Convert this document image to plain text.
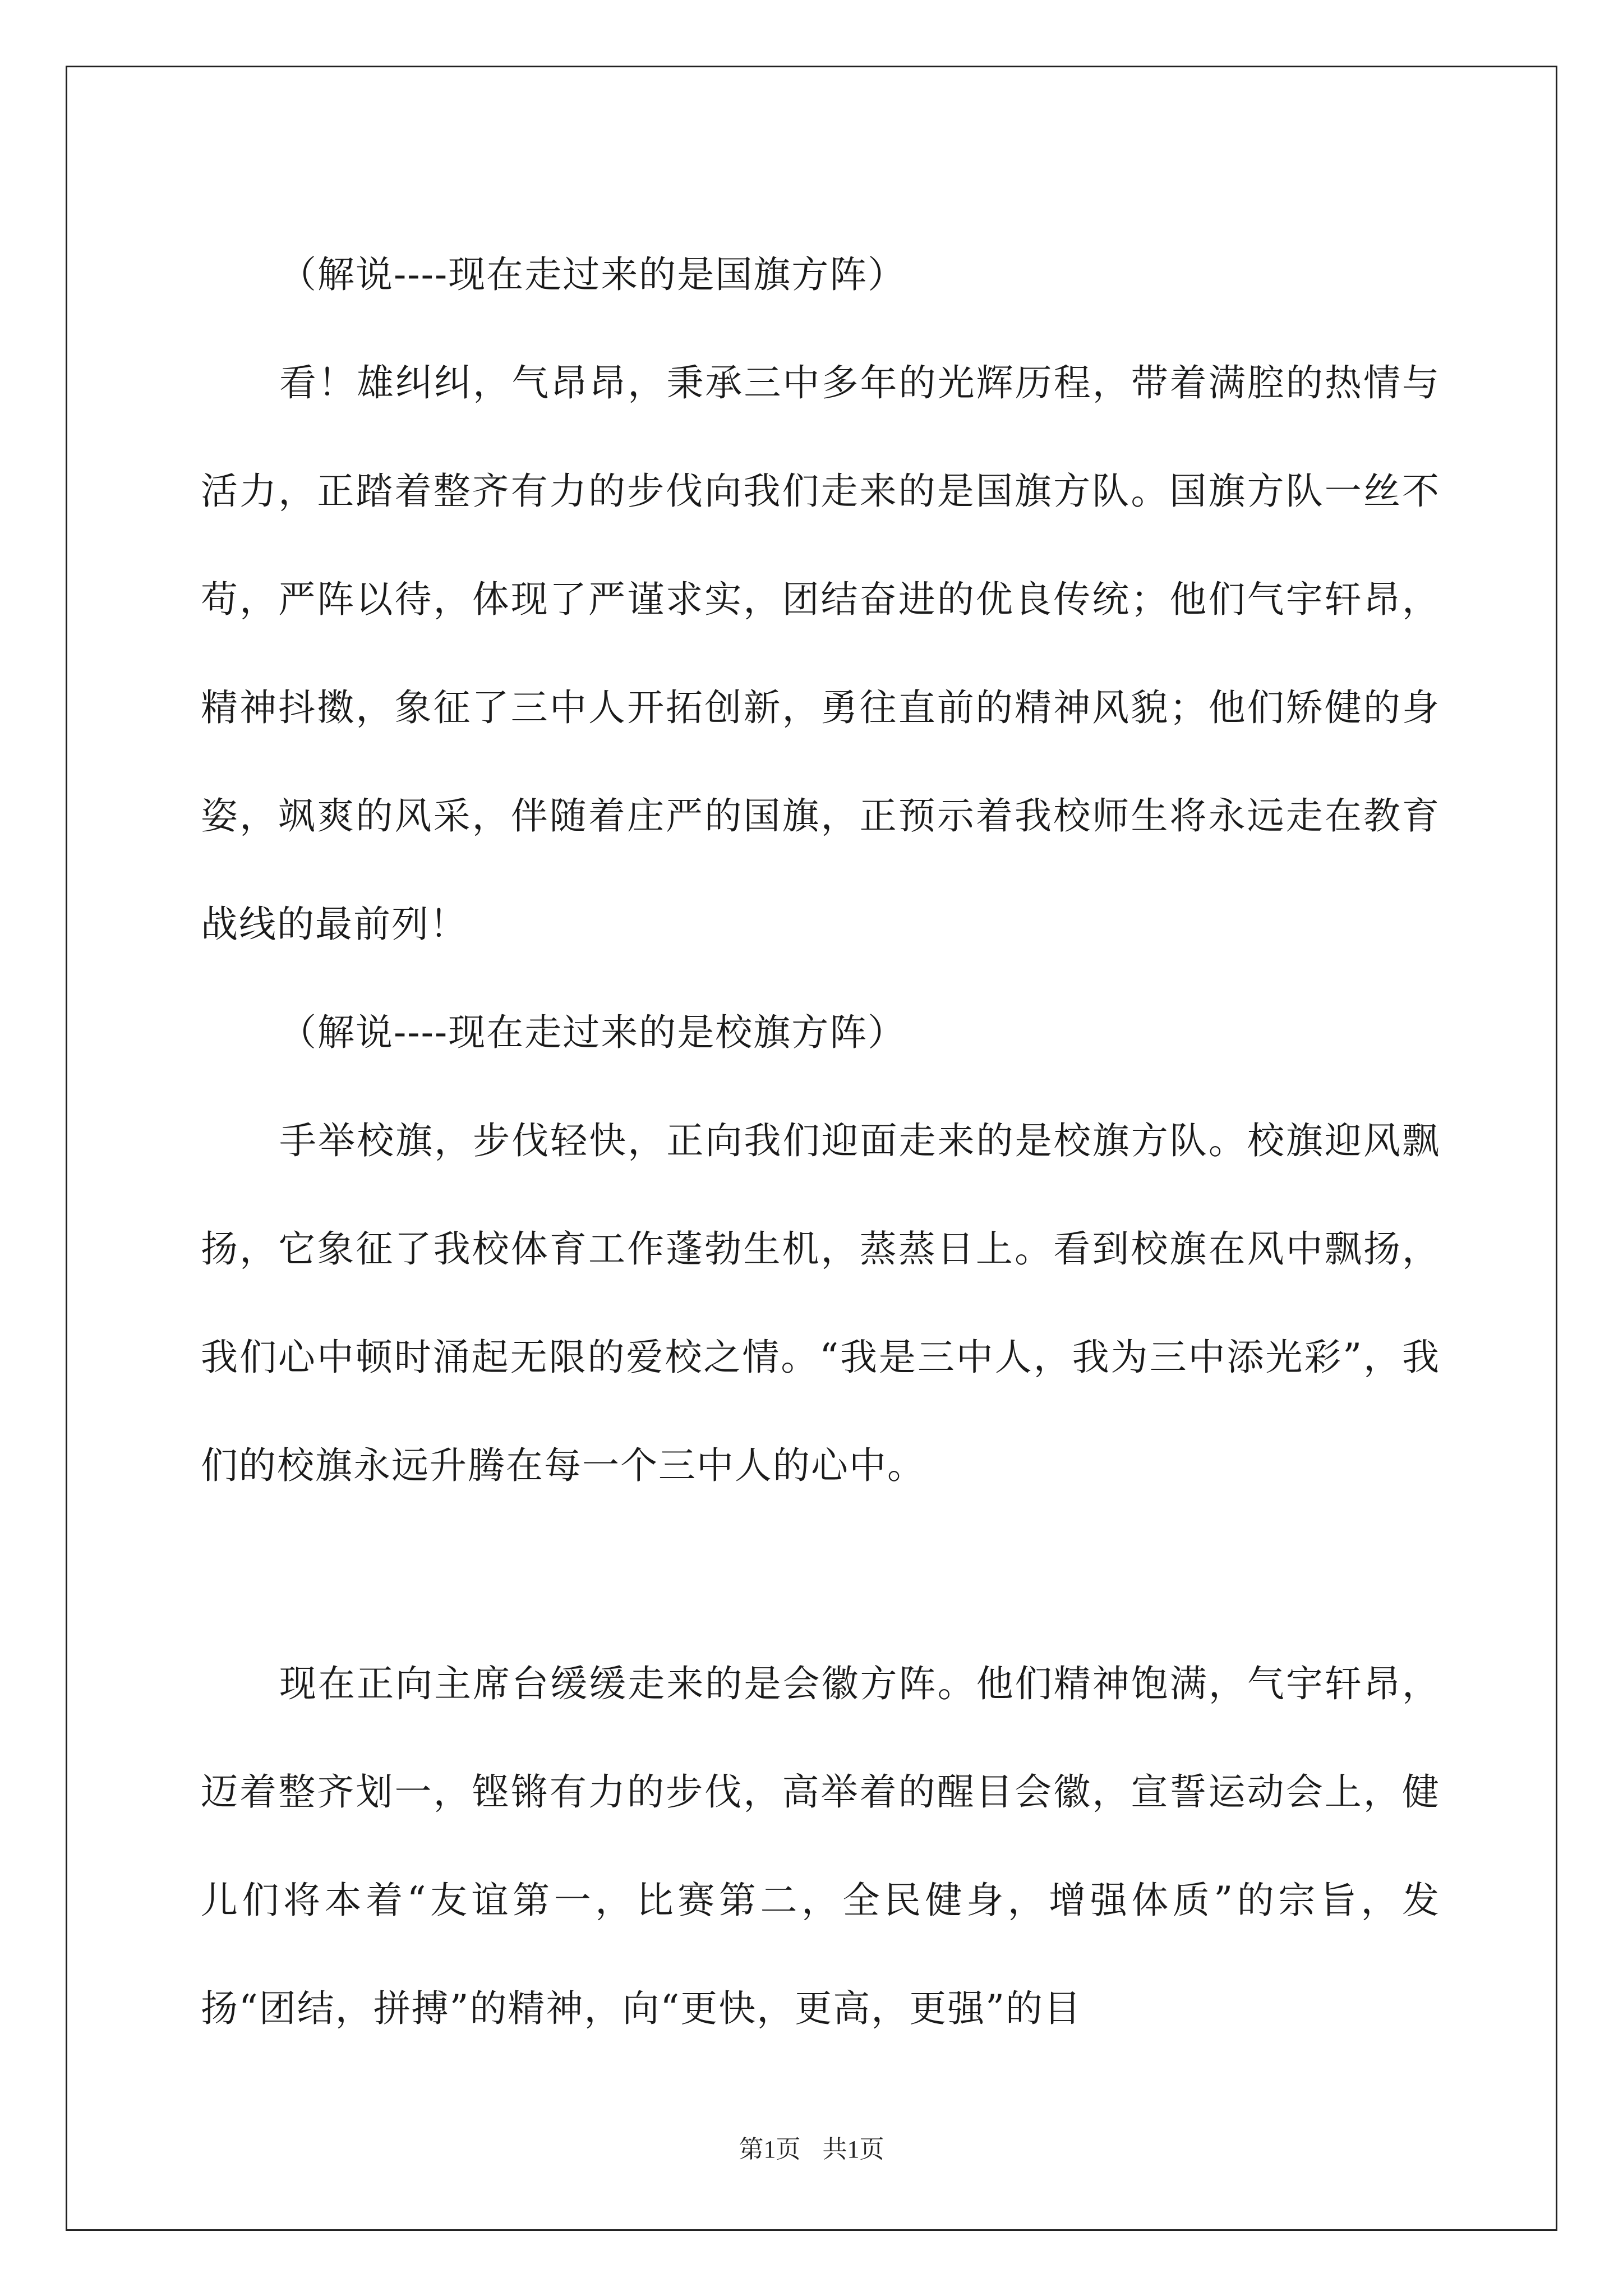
（解说----现在走过来的是国旗方阵）

看！雄纠纠，气昂昂，秉承三中多年的光辉历程，带着满腔的热情与活力，正踏着整齐有力的步伐向我们走来的是国旗方队。国旗方队一丝不苟，严阵以待，体现了严谨求实，团结奋进的优良传统；他们气宇轩昂，精神抖擞，象征了三中人开拓创新，勇往直前的精神风貌；他们矫健的身姿，飒爽的风采，伴随着庄严的国旗，正预示着我校师生将永远走在教育战线的最前列！

（解说----现在走过来的是校旗方阵）

手举校旗，步伐轻快，正向我们迎面走来的是校旗方队。校旗迎风飘扬，它象征了我校体育工作蓬勃生机，蒸蒸日上。看到校旗在风中飘扬，我们心中顿时涌起无限的爱校之情。“我是三中人，我为三中添光彩”，我们的校旗永远升腾在每一个三中人的心中。

现在正向主席台缓缓走来的是会徽方阵。他们精神饱满，气宇轩昂，迈着整齐划一，铿锵有力的步伐，高举着的醒目会徽，宣誓运动会上，健儿们将本着“友谊第一，比赛第二，全民健身，增强体质”的宗旨，发扬“团结，拼搏”的精神，向“更快，更高，更强”的目

第1页 共1页
